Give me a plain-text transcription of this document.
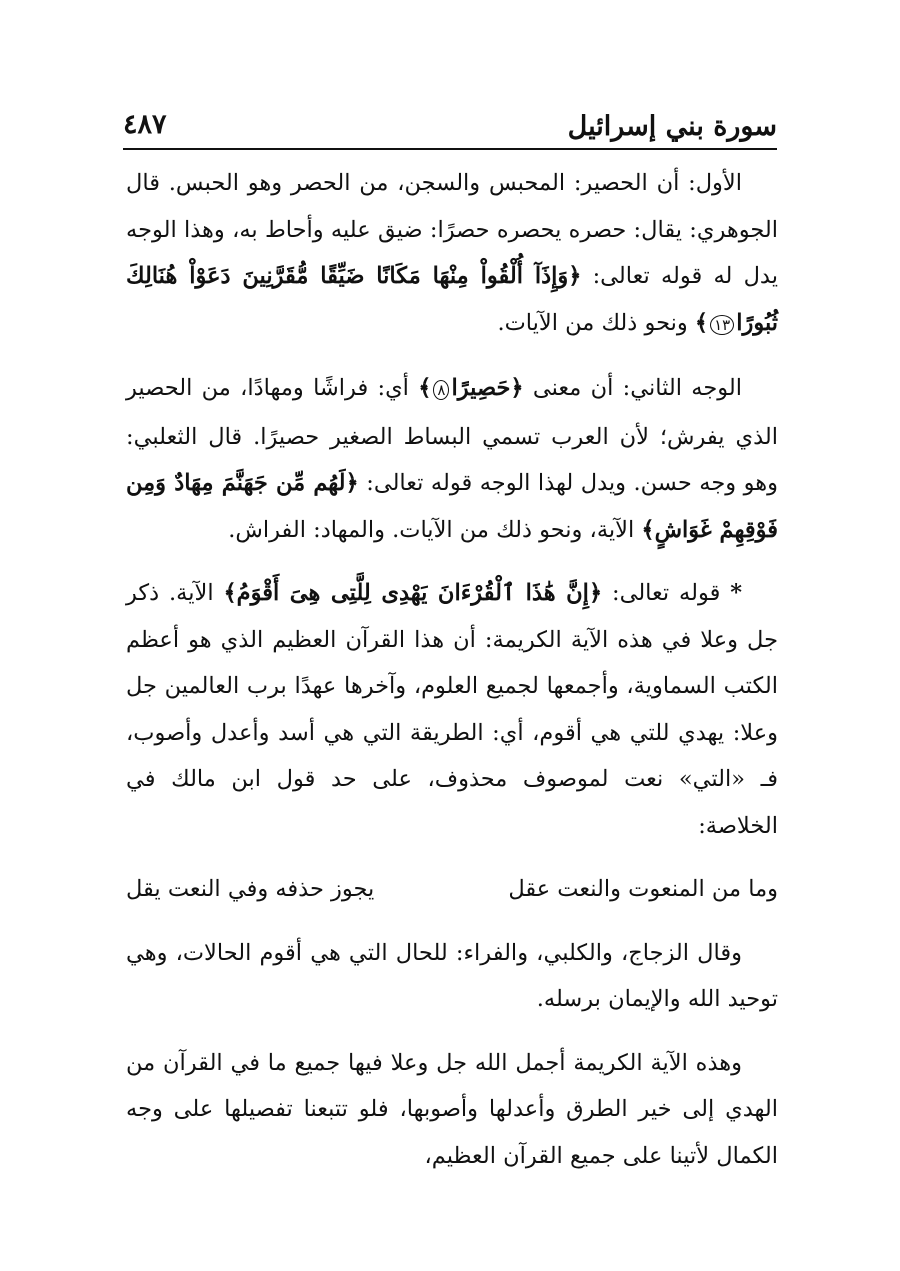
سورة بني إسرائيل
٤٨٧

الأول: أن الحصير: المحبس والسجن، من الحصر وهو الحبس. قال الجوهري: يقال: حصره يحصره حصرًا: ضيق عليه وأحاط به، وهذا الوجه يدل له قوله تعالى: ﴿وَإِذَآ أُلْقُواْ مِنْهَا مَكَانًا ضَيِّقًا مُّقَرَّنِينَ دَعَوْاْ هُنَالِكَ ثُبُورًا١٣﴾ ونحو ذلك من الآيات.

الوجه الثاني: أن معنى ﴿حَصِيرًا٨﴾ أي: فراشًا ومهادًا، من الحصير الذي يفرش؛ لأن العرب تسمي البساط الصغير حصيرًا. قال الثعلبي: وهو وجه حسن. ويدل لهذا الوجه قوله تعالى: ﴿لَهُم مِّن جَهَنَّمَ مِهَادٌ وَمِن فَوْقِهِمْ غَوَاشٍ﴾ الآية، ونحو ذلك من الآيات. والمهاد: الفراش.

* قوله تعالى: ﴿إِنَّ هَٰذَا ٱلْقُرْءَانَ يَهْدِى لِلَّتِى هِىَ أَقْوَمُ﴾ الآية. ذكر جل وعلا في هذه الآية الكريمة: أن هذا القرآن العظيم الذي هو أعظم الكتب السماوية، وأجمعها لجميع العلوم، وآخرها عهدًا برب العالمين جل وعلا: يهدي للتي هي أقوم، أي: الطريقة التي هي أسد وأعدل وأصوب، فـ «التي» نعت لموصوف محذوف، على حد قول ابن مالك في الخلاصة:

وما من المنعوت والنعت عقل
يجوز حذفه وفي النعت يقل

وقال الزجاج، والكلبي، والفراء: للحال التي هي أقوم الحالات، وهي توحيد الله والإيمان برسله.

وهذه الآية الكريمة أجمل الله جل وعلا فيها جميع ما في القرآن من الهدي إلى خير الطرق وأعدلها وأصوبها، فلو تتبعنا تفصيلها على وجه الكمال لأتينا على جميع القرآن العظيم،
